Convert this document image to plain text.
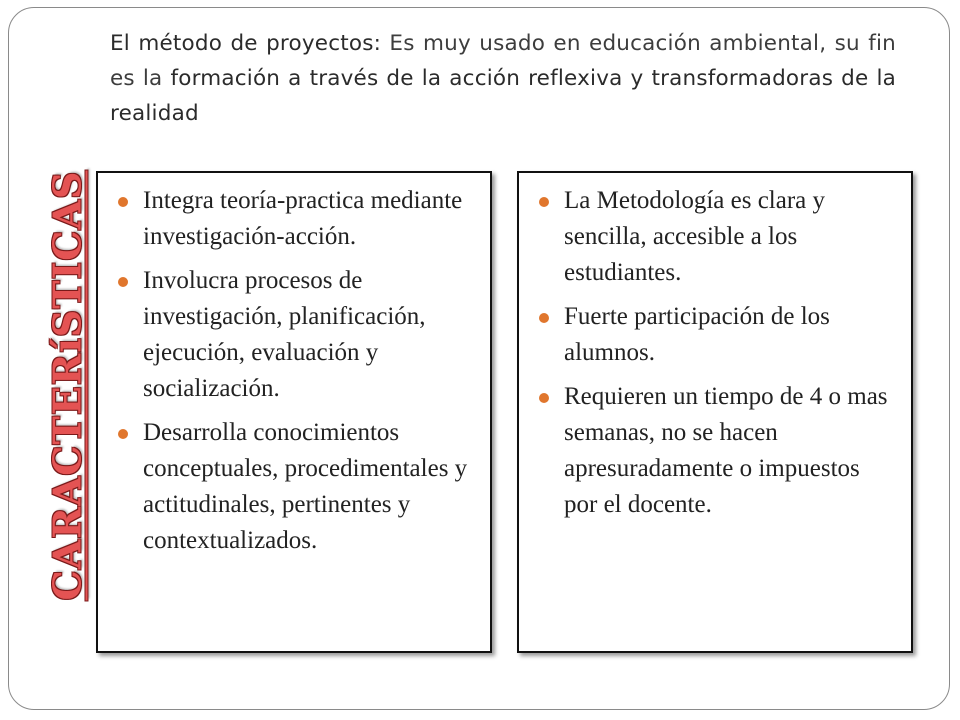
El método de proyectos: Es muy usado en educación ambiental, su fin es la formación a través de la acción reflexiva y transformadoras de la realidad

CARACTERíSTICAS	Integra teoría-practica mediante investigación-acción.
Involucra procesos de investigación, planificación, ejecución, evaluación y socialización.
Desarrolla conocimientos conceptuales, procedimentales y actitudinales, pertinentes y contextualizados.
La Metodología es clara y sencilla, accesible a los estudiantes.
Fuerte participación de los alumnos.
Requieren un tiempo de 4 o mas semanas, no se hacen apresuradamente o impuestos por el docente.
